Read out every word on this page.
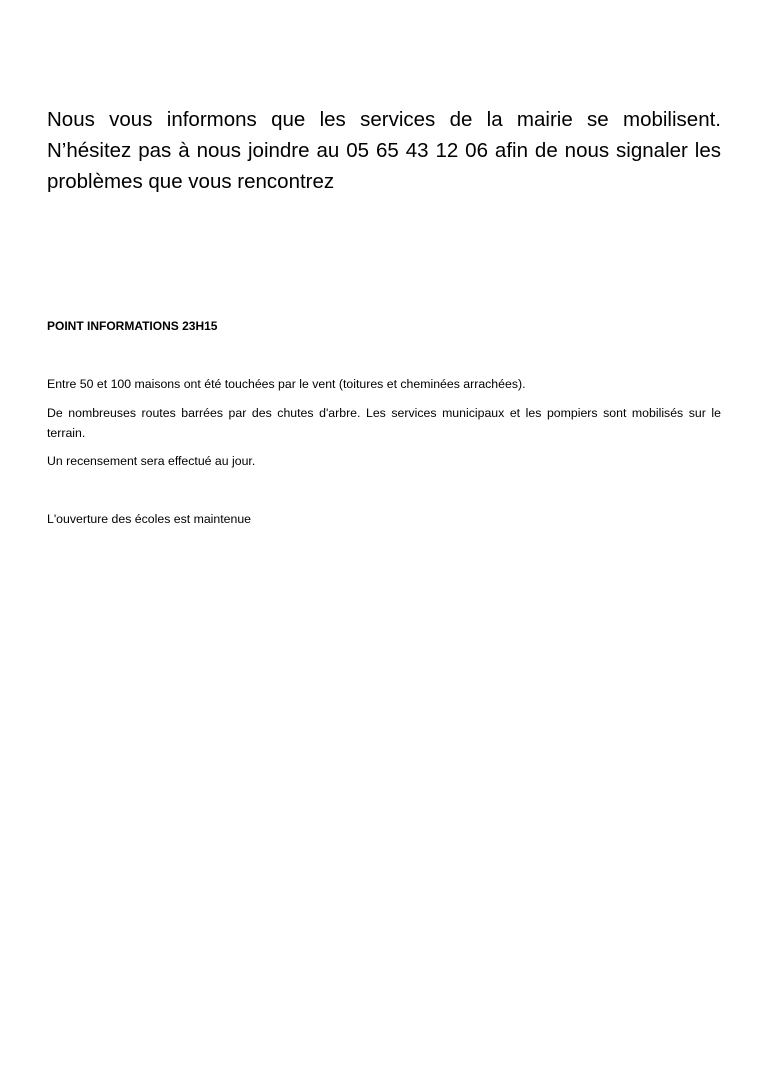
Nous vous informons que les services de la mairie se mobilisent. N’hésitez pas à nous joindre au 05 65 43 12 06 afin de nous signaler les problèmes que vous rencontrez

POINT INFORMATIONS 23H15

Entre 50 et 100 maisons ont été touchées par le vent (toitures et cheminées arrachées).

De nombreuses routes barrées par des chutes d'arbre. Les services municipaux et les pompiers sont mobilisés sur le terrain.

Un recensement sera effectué au jour.

L'ouverture des écoles est maintenue
